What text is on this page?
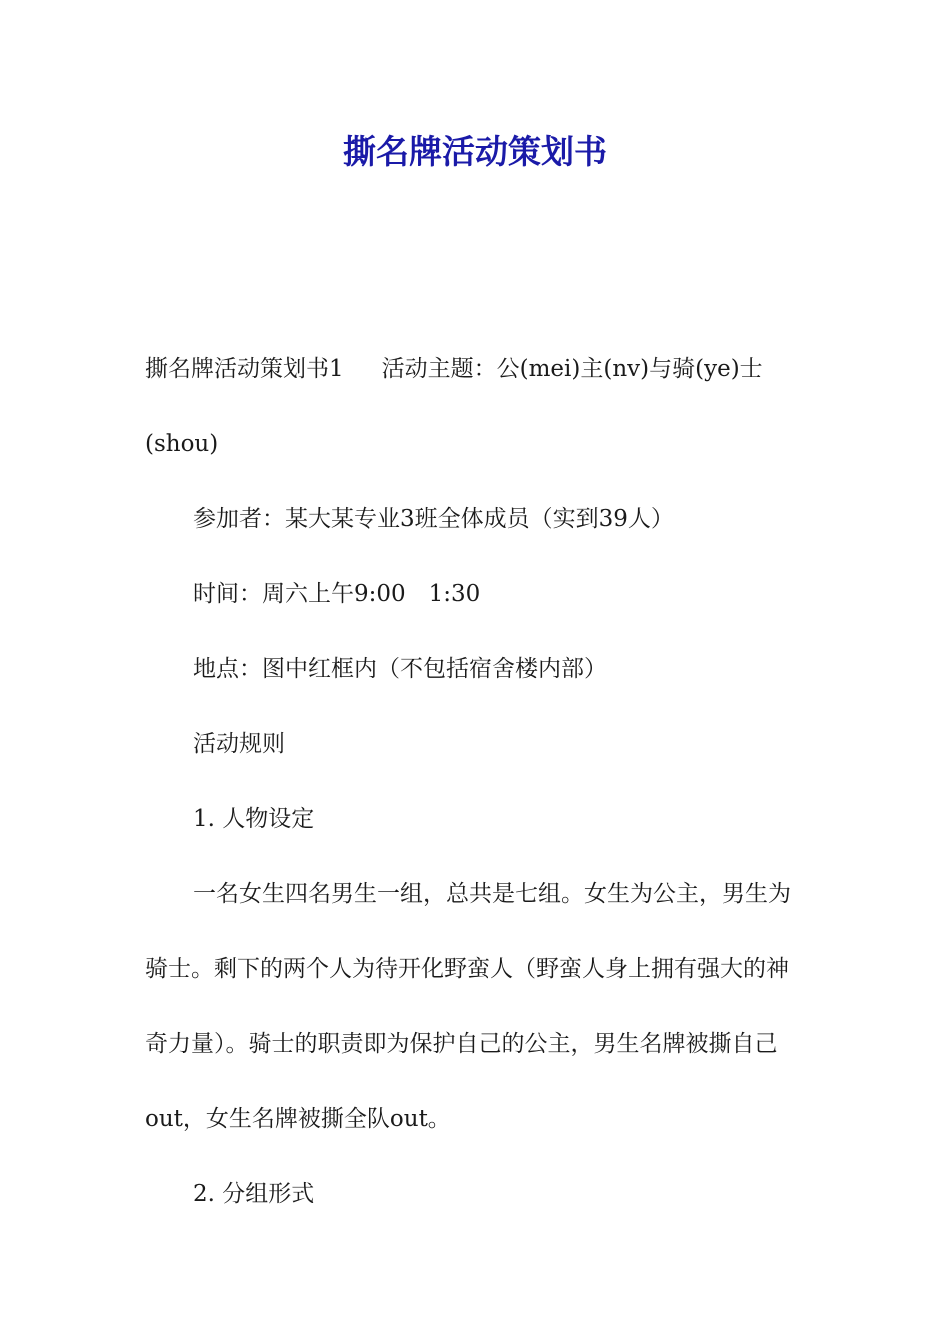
撕名牌活动策划书

撕名牌活动策划书1 活动主题：公(mei)主(nv)与骑(ye)士(shou)

参加者：某大某专业3班全体成员（实到39人）

时间：周六上午9:00　1:30

地点：图中红框内（不包括宿舍楼内部）

活动规则

1. 人物设定

一名女生四名男生一组，总共是七组。女生为公主，男生为骑士。剩下的两个人为待开化野蛮人（野蛮人身上拥有强大的神奇力量）。骑士的职责即为保护自己的公主，男生名牌被撕自己out，女生名牌被撕全队out。

2. 分组形式
